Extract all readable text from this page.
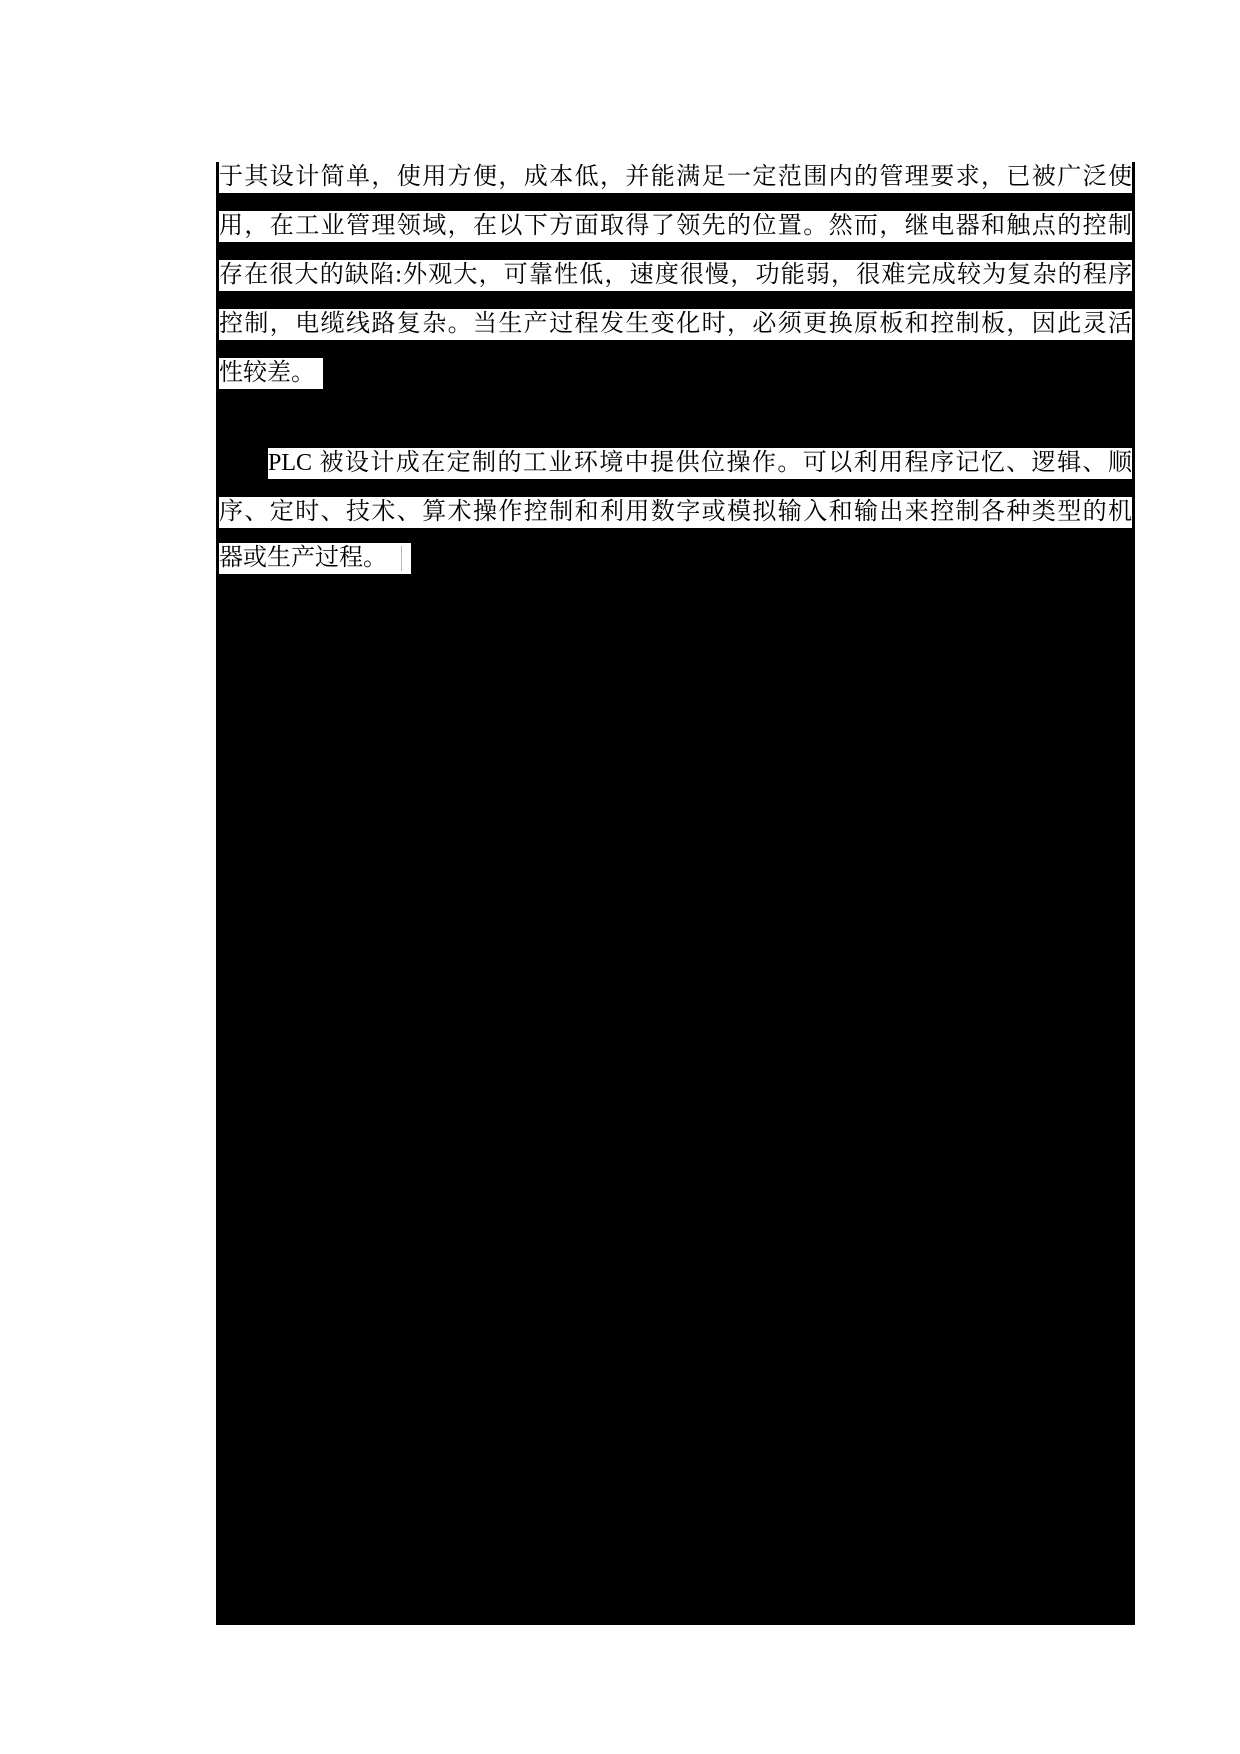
于其设计简单，使用方便，成本低，并能满足一定范围内的管理要求，已被广泛使
用，在工业管理领域，在以下方面取得了领先的位置。然而，继电器和触点的控制
存在很大的缺陷:外观大，可靠性低，速度很慢，功能弱，很难完成较为复杂的程序
控制，电缆线路复杂。当生产过程发生变化时，必须更换原板和控制板，因此灵活
性较差。
PLC 被设计成在定制的工业环境中提供位操作。可以利用程序记忆、逻辑、顺
序、定时、技术、算术操作控制和利用数字或模拟输入和输出来控制各种类型的机
器或生产过程。
